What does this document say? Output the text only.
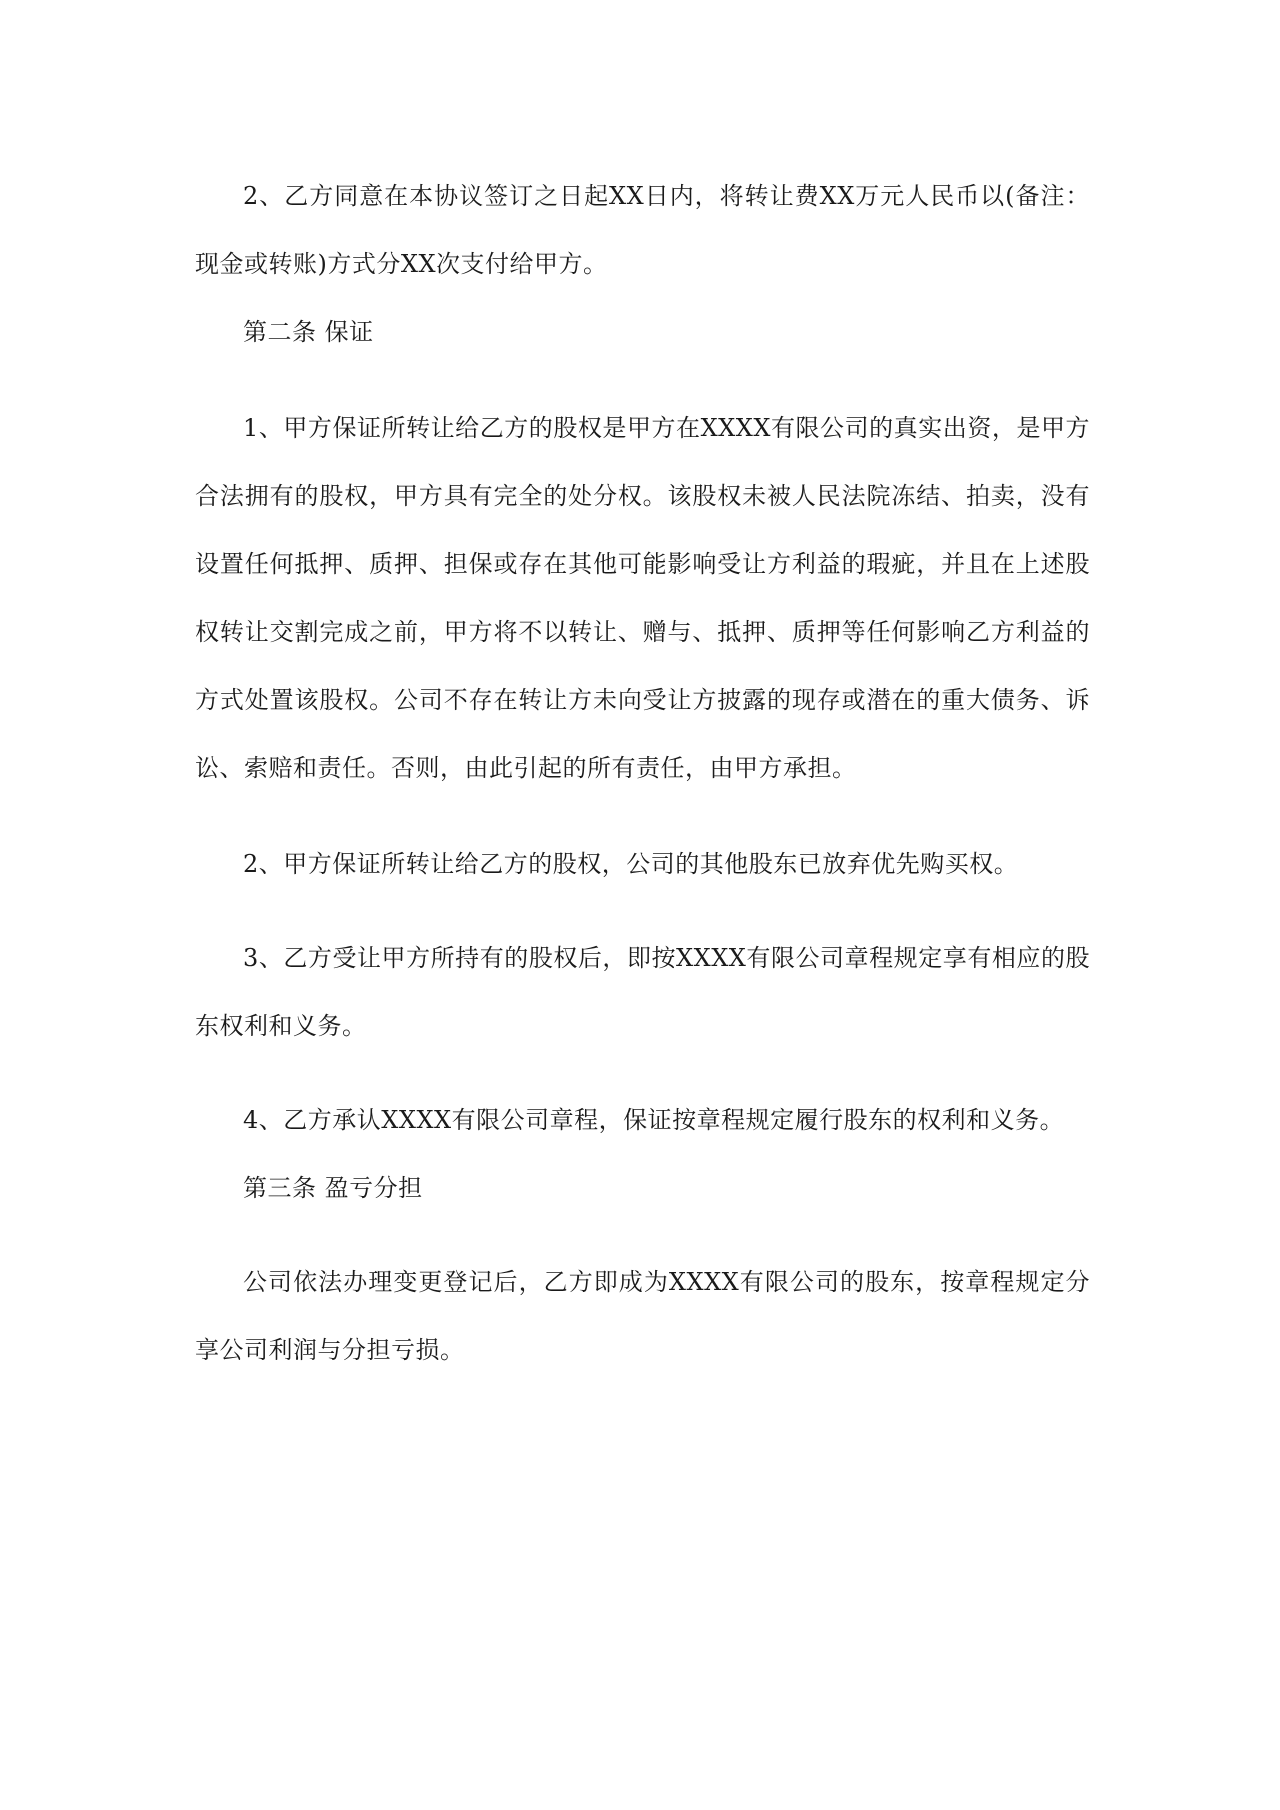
2、乙方同意在本协议签订之日起XX日内，将转让费XX万元人民币以(备注：现金或转账)方式分XX次支付给甲方。

第二条 保证

1、甲方保证所转让给乙方的股权是甲方在XXXX有限公司的真实出资，是甲方合法拥有的股权，甲方具有完全的处分权。该股权未被人民法院冻结、拍卖，没有设置任何抵押、质押、担保或存在其他可能影响受让方利益的瑕疵，并且在上述股权转让交割完成之前，甲方将不以转让、赠与、抵押、质押等任何影响乙方利益的方式处置该股权。公司不存在转让方未向受让方披露的现存或潜在的重大债务、诉讼、索赔和责任。否则，由此引起的所有责任，由甲方承担。

2、甲方保证所转让给乙方的股权，公司的其他股东已放弃优先购买权。

3、乙方受让甲方所持有的股权后，即按XXXX有限公司章程规定享有相应的股东权利和义务。

4、乙方承认XXXX有限公司章程，保证按章程规定履行股东的权利和义务。

第三条 盈亏分担

公司依法办理变更登记后，乙方即成为XXXX有限公司的股东，按章程规定分享公司利润与分担亏损。
